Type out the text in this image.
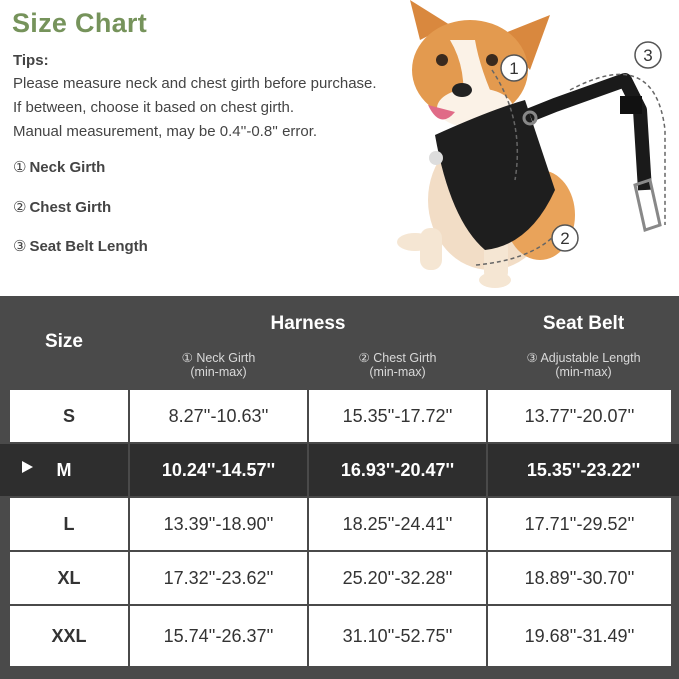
Size Chart
Tips:
Please measure neck and chest girth before purchase.
If between, choose it based on chest girth.
Manual measurement, may be 0.4''-0.8'' error.
① Neck Girth
② Chest Girth
③ Seat Belt Length
1
2
3
Size
Harness	Seat Belt
① Neck Girth
(min-max)
② Chest Girth
(min-max)
③ Adjustable Length
(min-max)
S	8.27''-10.63''	15.35''-17.72''	13.77''-20.07''
M	10.24''-14.57''	16.93''-20.47''	15.35''-23.22''
L	13.39''-18.90''	18.25''-24.41''	17.71''-29.52''
XL	17.32''-23.62''	25.20''-32.28''	18.89''-30.70''
XXL	15.74''-26.37''	31.10''-52.75''	19.68''-31.49''
